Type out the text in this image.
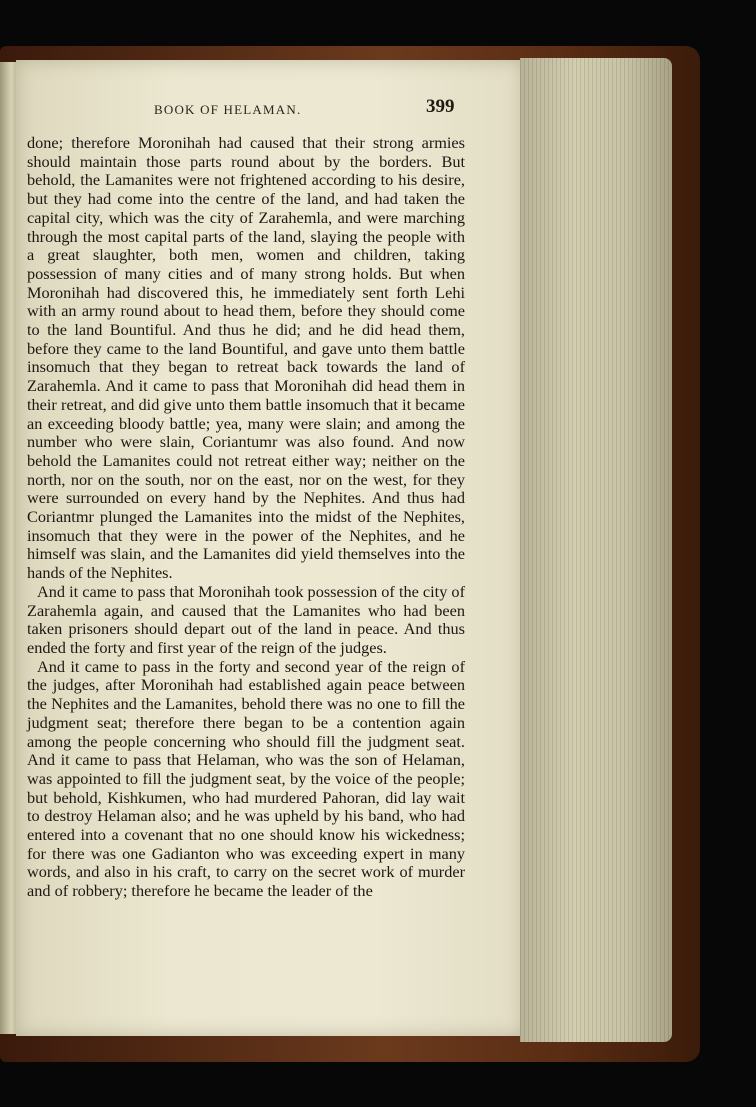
BOOK OF HELAMAN.	399

done; therefore Moronihah had caused that their strong armies should maintain those parts round about by the borders. But behold, the Lamanites were not frightened according to his desire, but they had come into the centre of the land, and had taken the capital city, which was the city of Zarahemla, and were marching through the most capital parts of the land, slaying the people with a great slaughter, both men, women and children, taking possession of many cities and of many strong holds. But when Moronihah had discovered this, he immediately sent forth Lehi with an army round about to head them, before they should come to the land Bountiful. And thus he did; and he did head them, before they came to the land Bountiful, and gave unto them battle insomuch that they began to retreat back towards the land of Zarahemla. And it came to pass that Moronihah did head them in their retreat, and did give unto them battle insomuch that it became an exceeding bloody battle; yea, many were slain; and among the number who were slain, Coriantumr was also found. And now behold the Lamanites could not retreat either way; neither on the north, nor on the south, nor on the east, nor on the west, for they were surrounded on every hand by the Nephites. And thus had Coriantmr plunged the Lamanites into the midst of the Nephites, insomuch that they were in the power of the Nephites, and he himself was slain, and the Lamanites did yield themselves into the hands of the Nephites.

And it came to pass that Moronihah took possession of the city of Zarahemla again, and caused that the Lamanites who had been taken prisoners should depart out of the land in peace. And thus ended the forty and first year of the reign of the judges.

And it came to pass in the forty and second year of the reign of the judges, after Moronihah had established again peace between the Nephites and the Lamanites, behold there was no one to fill the judgment seat; therefore there began to be a contention again among the people concerning who should fill the judgment seat. And it came to pass that Helaman, who was the son of Helaman, was appointed to fill the judgment seat, by the voice of the people; but behold, Kishkumen, who had murdered Pahoran, did lay wait to destroy Helaman also; and he was upheld by his band, who had entered into a covenant that no one should know his wickedness; for there was one Gadianton who was exceeding expert in many words, and also in his craft, to carry on the secret work of murder and of robbery; therefore he became the leader of the
